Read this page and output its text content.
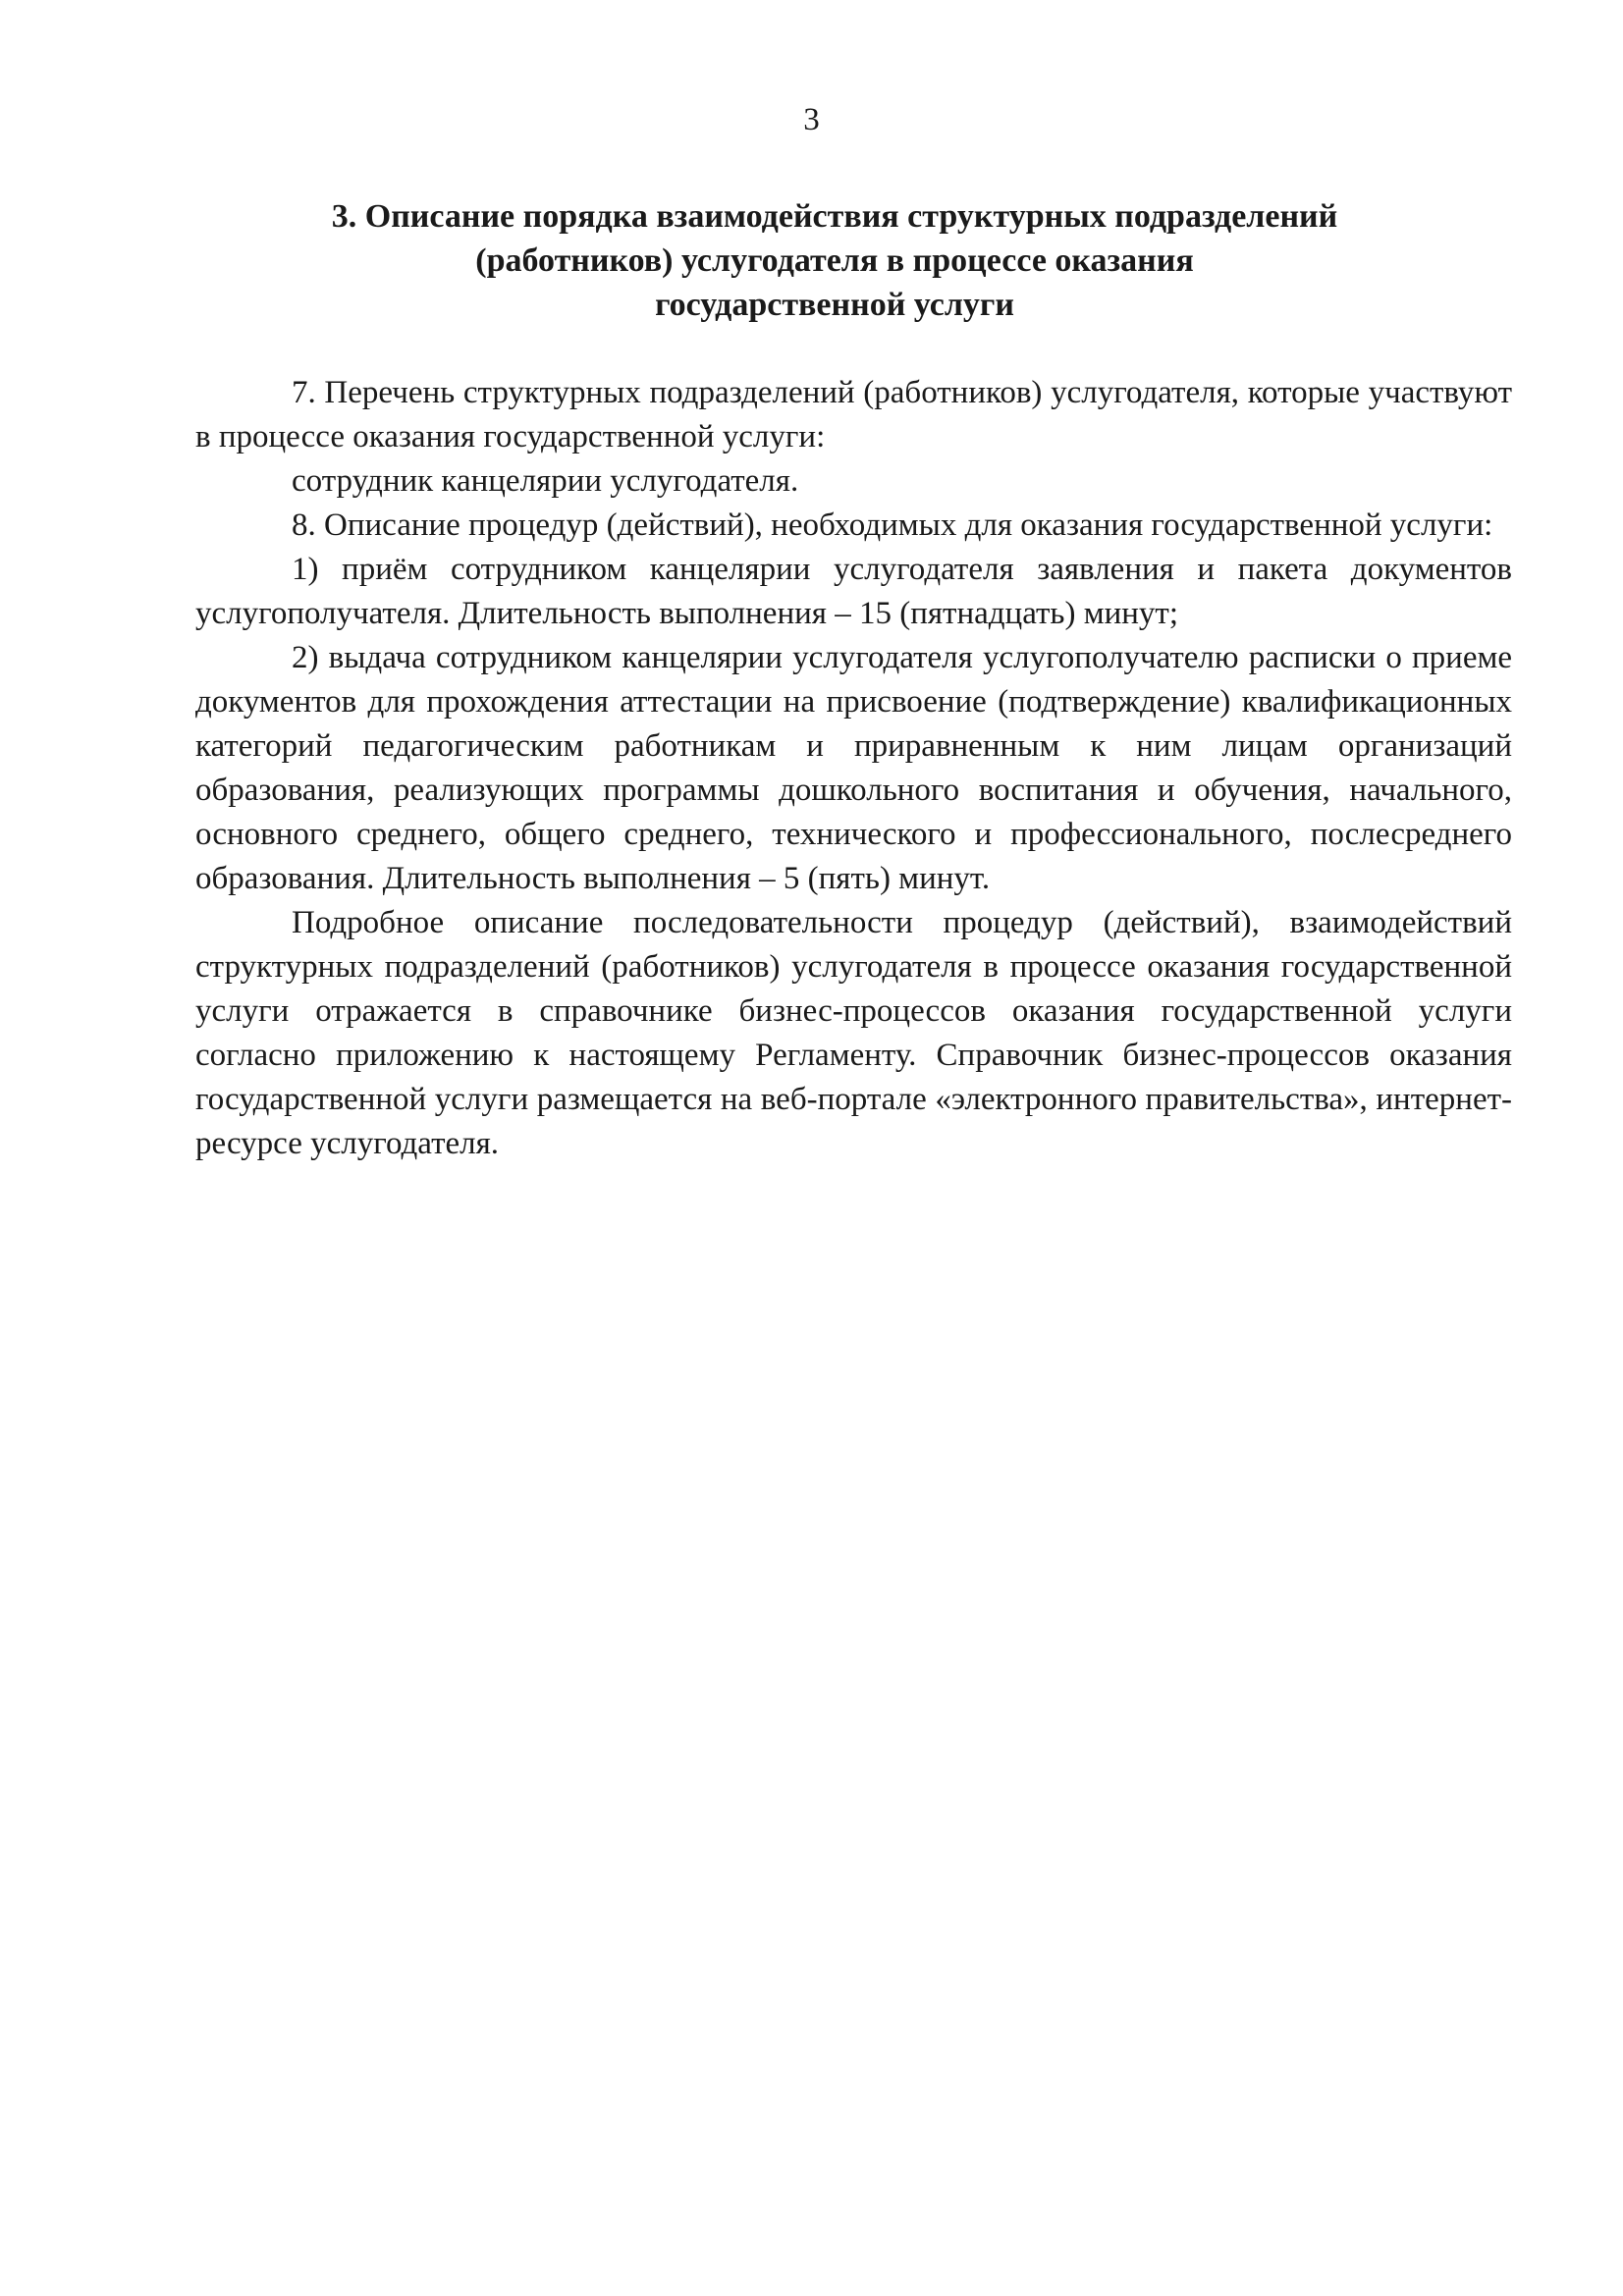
3
3. Описание порядка взаимодействия структурных подразделений
(работников) услугодателя в процессе оказания
государственной услуги

7. Перечень структурных подразделений (работников) услугодателя, которые участвуют в процессе оказания государственной услуги:

сотрудник канцелярии услугодателя.

8. Описание процедур (действий), необходимых для оказания государственной услуги:

1) приём сотрудником канцелярии услугодателя заявления и пакета документов услугополучателя. Длительность выполнения – 15 (пятнадцать) минут;

2) выдача сотрудником канцелярии услугодателя услугополучателю расписки о приеме документов для прохождения аттестации на присвоение (подтверждение) квалификационных категорий педагогическим работникам и приравненным к ним лицам организаций образования, реализующих программы дошкольного воспитания и обучения, начального, основного среднего, общего среднего, технического и профессионального, послесреднего образования. Длительность выполнения – 5 (пять) минут.

Подробное описание последовательности процедур (действий), взаимодействий структурных подразделений (работников) услугодателя в процессе оказания государственной услуги отражается в справочнике бизнес-процессов оказания государственной услуги согласно приложению к настоящему Регламенту. Справочник бизнес-процессов оказания государственной услуги размещается на веб-портале «электронного правительства», интернет-ресурсе услугодателя.
